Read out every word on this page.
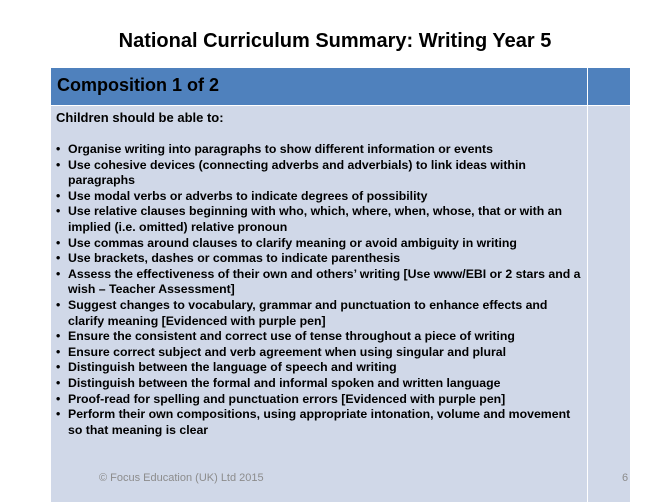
National Curriculum Summary: Writing Year 5
Composition 1 of 2
Children should be able to:
• Organise writing into paragraphs to show different information or events
• Use cohesive devices (connecting adverbs and adverbials) to link ideas within paragraphs
• Use modal verbs or adverbs to indicate degrees of possibility
• Use relative clauses beginning with who, which, where, when, whose, that or with an implied (i.e. omitted) relative pronoun
• Use commas around clauses to clarify meaning or avoid ambiguity in writing
• Use brackets, dashes or commas to indicate parenthesis
• Assess the effectiveness of their own and others’ writing [Use www/EBI or 2 stars and a wish – Teacher Assessment]
• Suggest changes to vocabulary, grammar and punctuation to enhance effects and clarify meaning [Evidenced with purple pen]
• Ensure the consistent and correct use of tense throughout a piece of writing
• Ensure correct subject and verb agreement when using singular and plural
• Distinguish between the language of speech and writing
• Distinguish between the formal and informal spoken and written language
• Proof-read for spelling and punctuation errors [Evidenced with purple pen]
• Perform their own compositions, using appropriate intonation, volume and movement so that meaning is clear
© Focus Education (UK) Ltd 2015	6
